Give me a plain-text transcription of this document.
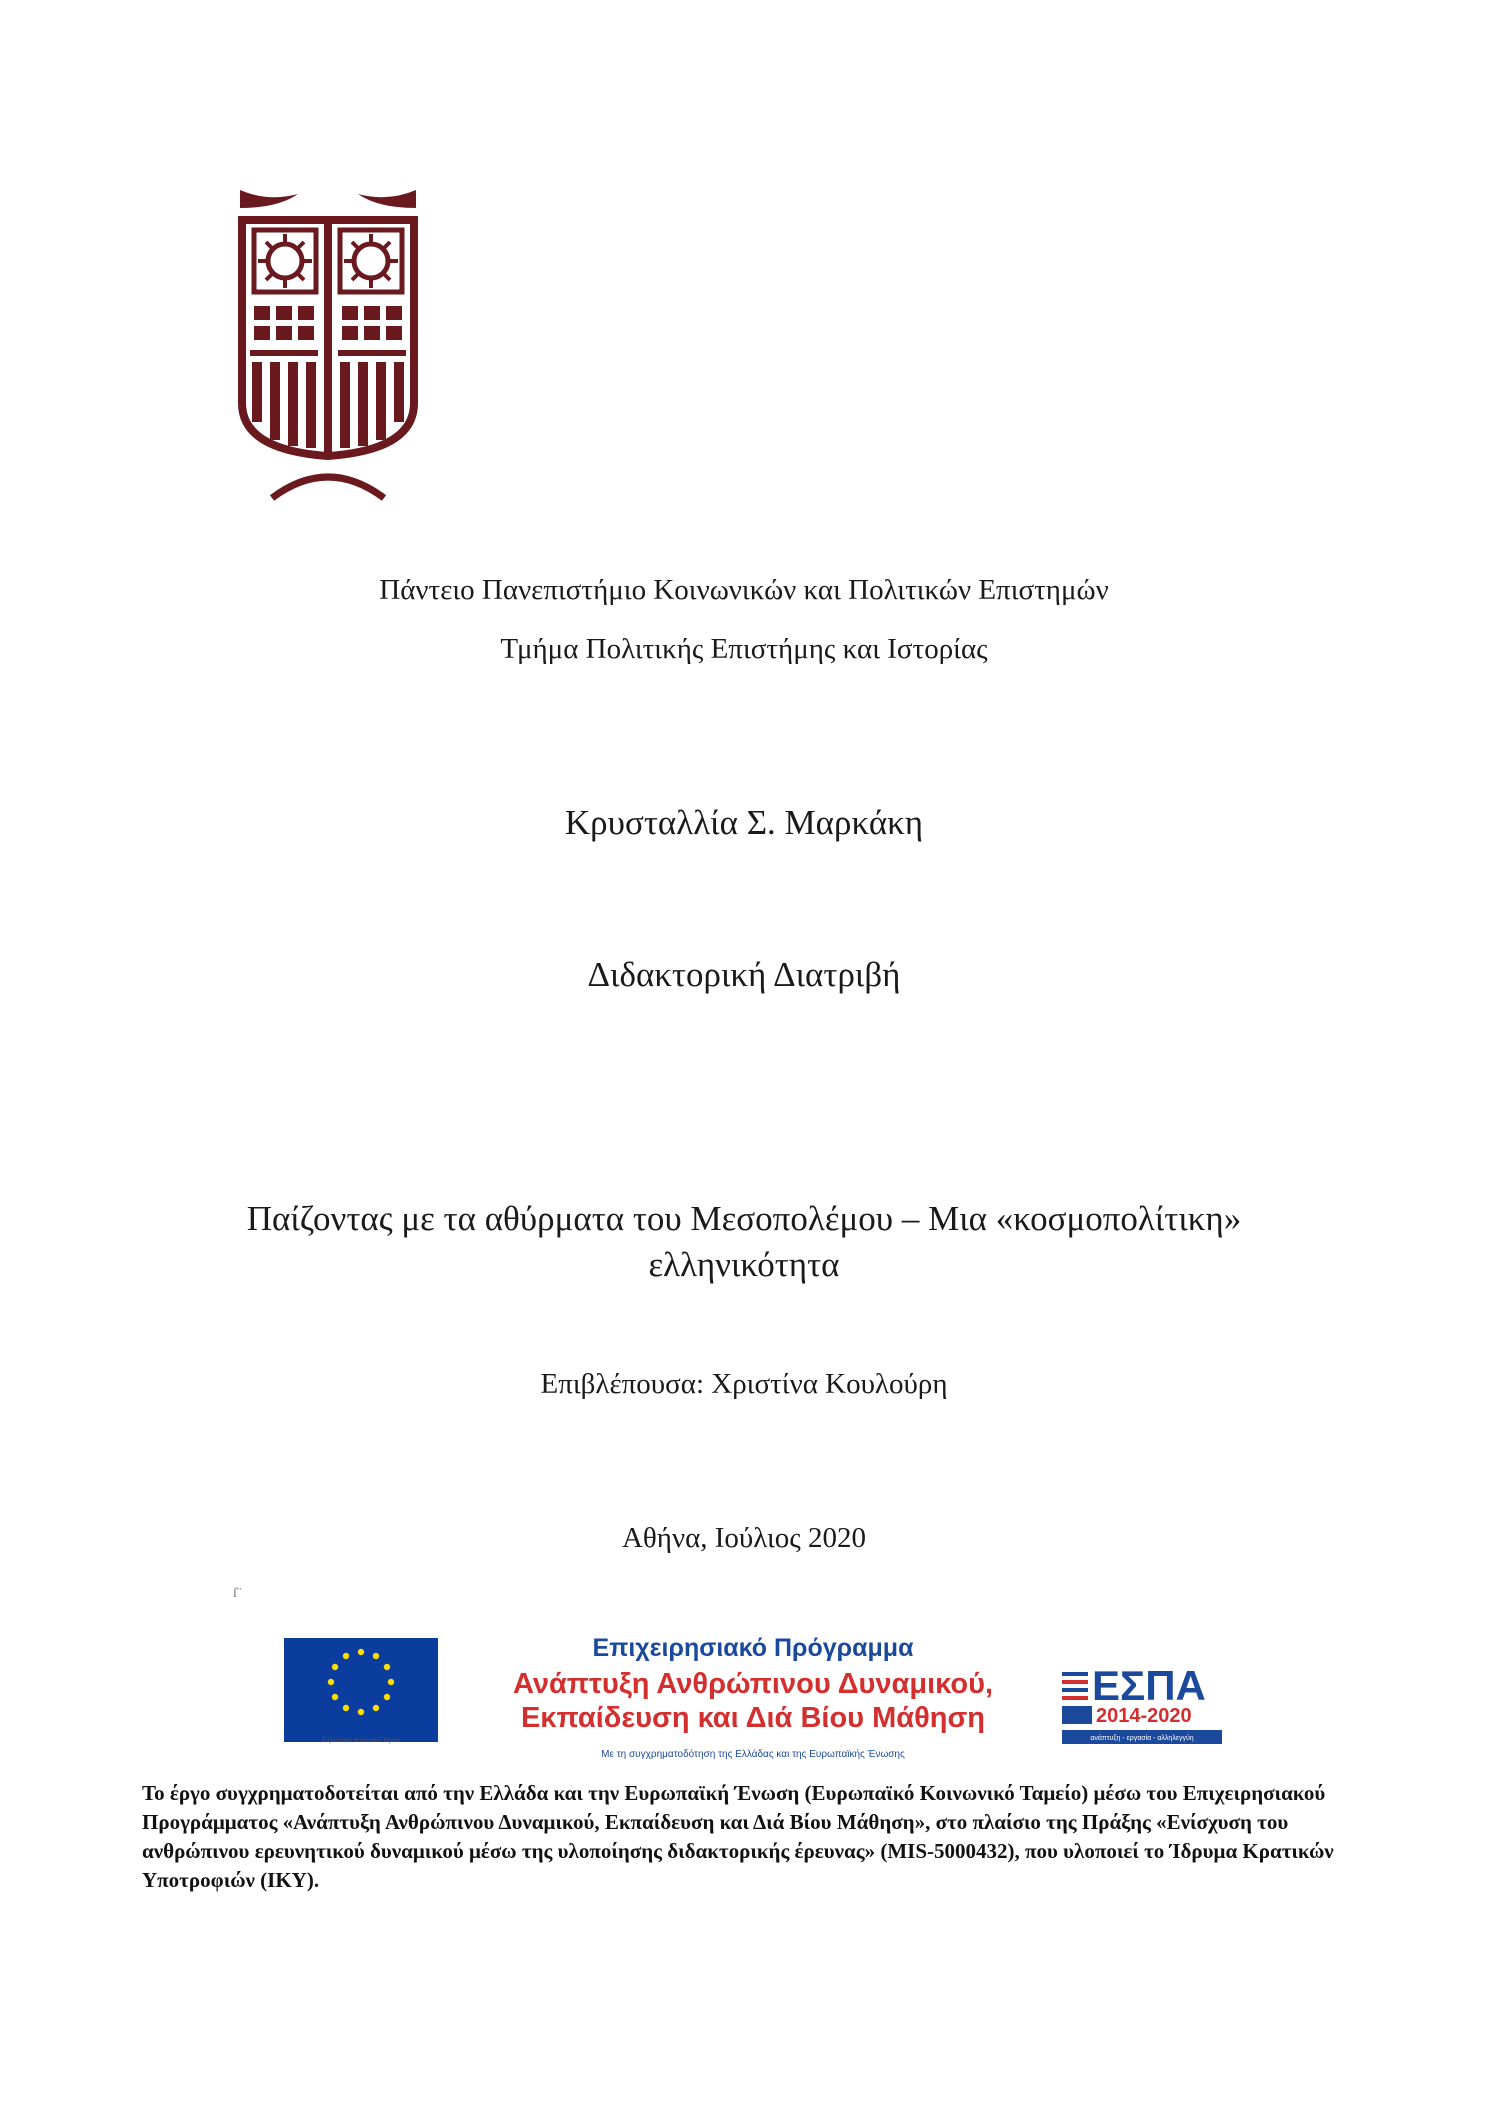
Πάντειο Πανεπιστήμιο Κοινωνικών και Πολιτικών Επιστημών
Τμήμα Πολιτικής Επιστήμης και Ιστορίας
Κρυσταλλία Σ. Μαρκάκη
Διδακτορική Διατριβή
Παίζοντας με τα αθύρματα του Μεσοπολέμου – Μια «κοσμοπολίτικη»
ελληνικότητα
Επιβλέπουσα: Χριστίνα Κουλούρη
Αθήνα, Ιούλιος 2020
ſ¨
Ευρωπαϊκή Ένωση
Ευρωπαϊκό Κοινωνικό Ταμείο
Επιχειρησιακό Πρόγραμμα
Ανάπτυξη Ανθρώπινου Δυναμικού,
Εκπαίδευση και Διά Βίου Μάθηση
Με τη συγχρηματοδότηση της Ελλάδας και της Ευρωπαϊκής Ένωσης
ΕΣΠΑ
2014-2020
ανάπτυξη - εργασία - αλληλεγγύη
Το έργο συγχρηματοδοτείται από την Ελλάδα και την Ευρωπαϊκή Ένωση (Ευρωπαϊκό Κοινωνικό Ταμείο) μέσω του Επιχειρησιακού Προγράμματος «Ανάπτυξη Ανθρώπινου Δυναμικού, Εκπαίδευση και Διά Βίου Μάθηση», στο πλαίσιο της Πράξης «Ενίσχυση του ανθρώπινου ερευνητικού δυναμικού μέσω της υλοποίησης διδακτορικής έρευνας» (MIS-5000432), που υλοποιεί το Ίδρυμα Κρατικών Υποτροφιών (ΙΚΥ).
